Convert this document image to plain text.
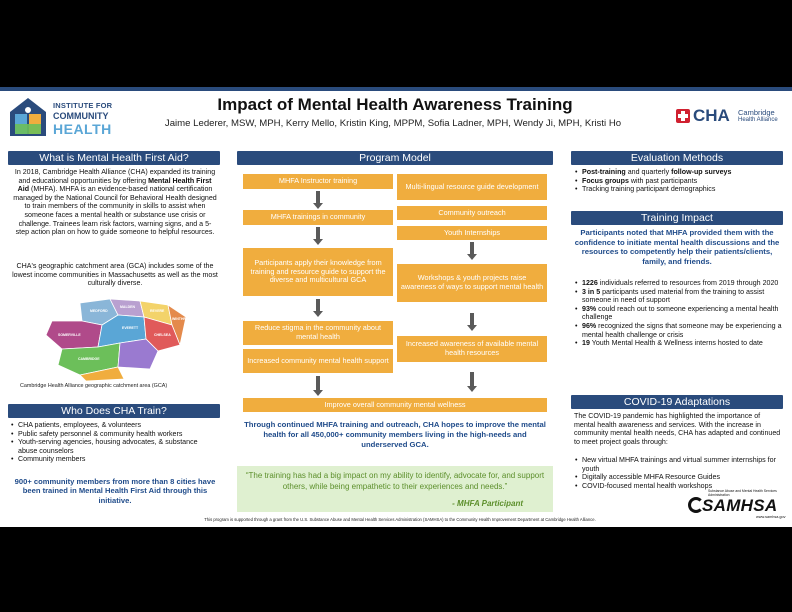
INSTITUTE FOR
COMMUNITY
HEALTH
Impact of Mental Health Awareness Training
Jaime Lederer, MSW, MPH, Kerry Mello, Kristin King, MPPM, Sofia Ladner, MPH, Wendy Ji, MPH, Kristi Ho	CHA Cambridge
Health Alliance
What is Mental Health First Aid?
In 2018, Cambridge Health Alliance (CHA) expanded its training and educational opportunities by offering Mental Health First Aid (MHFA). MHFA is an evidence-based national certification managed by the National Council for Behavioral Health designed to train members of the community in skills to assist when someone faces a mental health or substance use crisis or challenge. Trainees learn risk factors, warning signs, and a 5-step action plan on how to guide someone to helpful resources.
CHA's geographic catchment area (GCA) includes some of the lowest income communities in Massachusetts as well as the most culturally diverse.
REVERE
MALDEN
MEDFORD
EVERETT
CHELSEA
SOMERVILLE
CAMBRIDGE
WINTHROP
Cambridge Health Alliance geographic catchment area (GCA)
Who Does CHA Train?
• CHA patients, employees, & volunteers
• Public safety personnel & community health workers
• Youth-serving agencies, housing advocates, & substance abuse counselors
• Community members
900+ community members from more than 8 cities have been trained in Mental Health First Aid through this initiative.
Program Model
MHFA Instructor training
MHFA trainings in community
Participants apply their knowledge from training and resource guide to support the diverse and multicultural GCA
Reduce stigma in the community about mental health
Increased community mental health support
Multi-lingual resource guide development
Community outreach
Youth Internships
Workshops & youth projects raise awareness of ways to support mental health
Increased awareness of available mental health resources
Improve overall community mental wellness
Through continued MHFA training and outreach, CHA hopes to improve the mental health for all 450,000+ community members living in the high-needs and underserved GCA.
“The training has had a big impact on my ability to identify, advocate for, and support others, while being empathetic to their experiences and needs.”
- MHFA Participant
Evaluation Methods
• Post-training and quarterly follow-up surveys
• Focus groups with past participants
• Tracking training participant demographics
Training Impact
Participants noted that MHFA provided them with the confidence to initiate mental health discussions and the resources to competently help their patients/clients, family, and friends.
• 1226 individuals referred to resources from 2019 through 2020
• 3 in 5 participants used material from the training to assist someone in need of support
• 93% could reach out to someone experiencing a mental health challenge
• 96% recognized the signs that someone may be experiencing a mental health challenge or crisis
• 19 Youth Mental Health & Wellness interns hosted to date
COVID-19 Adaptations
The COVID-19 pandemic has highlighted the importance of mental health awareness and services. With the increase in community mental health needs, CHA has adapted and continued to meet project goals through:
• New virtual MHFA trainings and virtual summer internships for youth
• Digitally accessible MHFA Resource Guides
• COVID-focused mental health workshops
This program is supported through a grant from the U.S. Substance Abuse and Mental Health Services Administration (SAMHSA) to the Community Health Improvement Department at Cambridge Health Alliance.
Substance Abuse and Mental Health Services Administration
SAMHSA
www.samhsa.gov
